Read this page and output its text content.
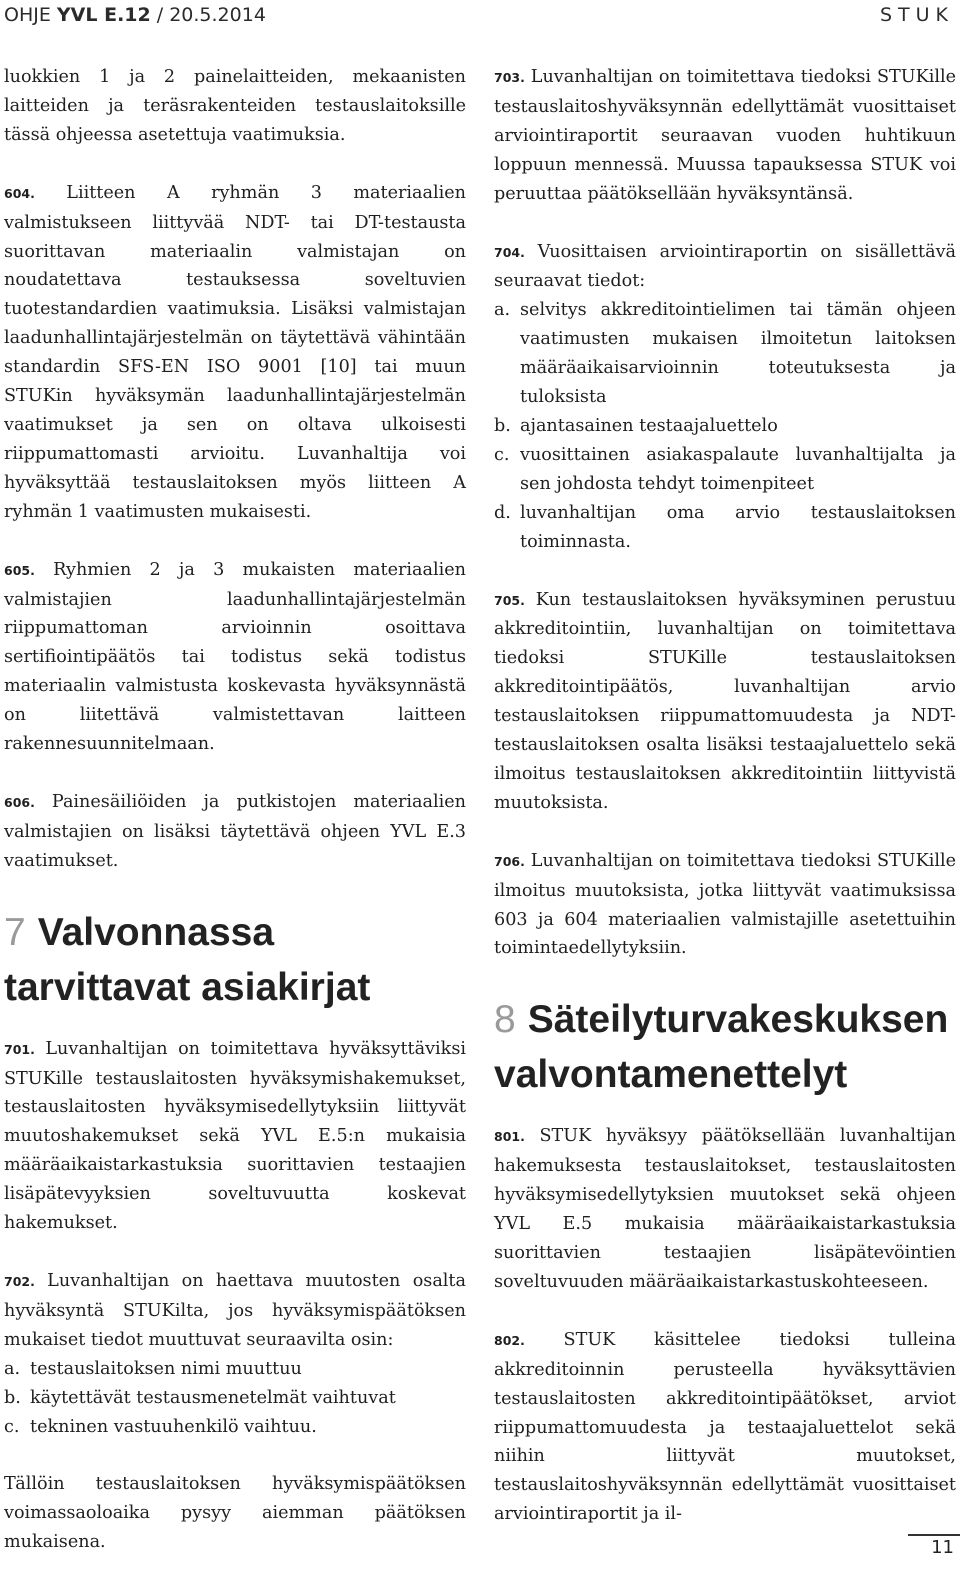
OHJE YVL E.12 / 20.5.2014	STUK

luokkien 1 ja 2 painelaitteiden, mekaanisten laitteiden ja teräsrakenteiden testauslaitoksille tässä ohjeessa asetettuja vaatimuksia.

604. Liitteen A ryhmän 3 materiaalien valmistukseen liittyvää NDT- tai DT-testausta suorittavan materiaalin valmistajan on noudatettava testauksessa soveltuvien tuotestandardien vaatimuksia. Lisäksi valmistajan laadunhallintajärjestelmän on täytettävä vähintään standardin SFS-EN ISO 9001 [10] tai muun STUKin hyväksymän laadunhallintajärjestelmän vaatimukset ja sen on oltava ulkoisesti riippumattomasti arvioitu. Luvanhaltija voi hyväksyttää testauslaitoksen myös liitteen A ryhmän 1 vaatimusten mukaisesti.

605. Ryhmien 2 ja 3 mukaisten materiaalien valmistajien laadunhallintajärjestelmän riippumattoman arvioinnin osoittava sertifiointipäätös tai todistus sekä todistus materiaalin valmistusta koskevasta hyväksynnästä on liitettävä valmistettavan laitteen rakennesuunnitelmaan.

606. Painesäiliöiden ja putkistojen materiaalien valmistajien on lisäksi täytettävä ohjeen YVL E.3 vaatimukset.

7 Valvonnassa tarvittavat asiakirjat

701. Luvanhaltijan on toimitettava hyväksyttäviksi STUKille testauslaitosten hyväksymishakemukset, testauslaitosten hyväksymisedellytyksiin liittyvät muutoshakemukset sekä YVL E.5:n mukaisia määräaikaistarkastuksia suorittavien testaajien lisäpätevyyksien soveltuvuutta koskevat hakemukset.

702. Luvanhaltijan on haettava muutosten osalta hyväksyntä STUKilta, jos hyväksymispäätöksen mukaiset tiedot muuttuvat seuraavilta osin:

a. testauslaitoksen nimi muuttuu
b. käytettävät testausmenetelmät vaihtuvat
c. tekninen vastuuhenkilö vaihtuu.

Tällöin testauslaitoksen hyväksymispäätöksen voimassaoloaika pysyy aiemman päätöksen mukaisena.

703. Luvanhaltijan on toimitettava tiedoksi STUKille testauslaitoshyväksynnän edellyttämät vuosittaiset arviointiraportit seuraavan vuoden huhtikuun loppuun mennessä. Muussa tapauksessa STUK voi peruuttaa päätöksellään hyväksyntänsä.

704. Vuosittaisen arviointiraportin on sisällettävä seuraavat tiedot:

a. selvitys akkreditointielimen tai tämän ohjeen vaatimusten mukaisen ilmoitetun laitoksen määräaikaisarvioinnin toteutuksesta ja tuloksista
b. ajantasainen testaajaluettelo
c. vuosittainen asiakaspalaute luvanhaltijalta ja sen johdosta tehdyt toimenpiteet
d. luvanhaltijan oma arvio testauslaitoksen toiminnasta.

705. Kun testauslaitoksen hyväksyminen perustuu akkreditointiin, luvanhaltijan on toimitettava tiedoksi STUKille testauslaitoksen akkreditointipäätös, luvanhaltijan arvio testauslaitoksen riippumattomuudesta ja NDT-testauslaitoksen osalta lisäksi testaajaluettelo sekä ilmoitus testauslaitoksen akkreditointiin liittyvistä muutoksista.

706. Luvanhaltijan on toimitettava tiedoksi STUKille ilmoitus muutoksista, jotka liittyvät vaatimuksissa 603 ja 604 materiaalien valmistajille asetettuihin toimintaedellytyksiin.

8 Säteilyturvakeskuksen valvontamenettelyt

801. STUK hyväksyy päätöksellään luvanhaltijan hakemuksesta testauslaitokset, testauslaitosten hyväksymisedellytyksien muutokset sekä ohjeen YVL E.5 mukaisia määräaikaistarkastuksia suorittavien testaajien lisäpätevöintien soveltuvuuden määräaikaistarkastuskohteeseen.

802. STUK käsittelee tiedoksi tulleina akkreditoinnin perusteella hyväksyttävien testauslaitosten akkreditointipäätökset, arviot riippumattomuudesta ja testaajaluettelot sekä niihin liittyvät muutokset, testauslaitoshyväksynnän edellyttämät vuosittaiset arviointiraportit ja il-

11
